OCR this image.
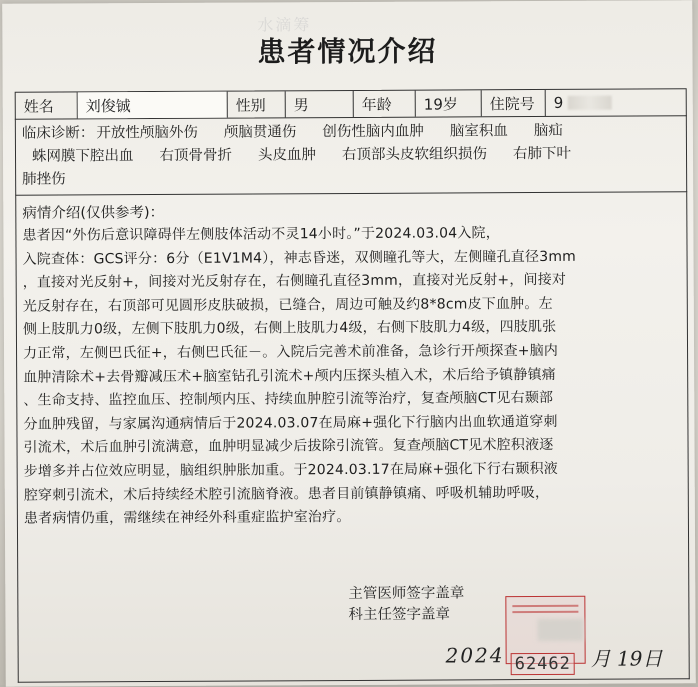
水滴筹
患者情况介绍
姓名	刘俊铖	性别	男	年龄	19岁	住院号	9
临床诊断： 开放性颅脑外伤 颅脑贯通伤 创伤性脑内血肿 脑室积血 脑疝
蛛网膜下腔出血 右顶骨骨折 头皮血肿 右顶部头皮软组织损伤 右肺下叶
肺挫伤
病情介绍(仅供参考)：

患者因“外伤后意识障碍伴左侧肢体活动不灵14小时。”于2024.03.04入院，

入院查体：GCS评分：6分（E1V1M4），神志昏迷，双侧瞳孔等大，左侧瞳孔直径3mm

，直接对光反射+，间接对光反射存在，右侧瞳孔直径3mm，直接对光反射+，间接对

光反射存在，右顶部可见圆形皮肤破损，已缝合，周边可触及约8*8cm皮下血肿。左

侧上肢肌力0级，左侧下肢肌力0级，右侧上肢肌力4级，右侧下肢肌力4级，四肢肌张

力正常，左侧巴氏征+，右侧巴氏征－。入院后完善术前准备，急诊行开颅探查+脑内

血肿清除术+去骨瓣减压术+脑室钻孔引流术+颅内压探头植入术，术后给予镇静镇痛

、生命支持、监控血压、控制颅内压、持续血肿腔引流等治疗，复查颅脑CT见右颞部

分血肿残留，与家属沟通病情后于2024.03.07在局麻+强化下行脑内出血软通道穿刺

引流术，术后血肿引流满意，血肿明显减少后拔除引流管。复查颅脑CT见术腔积液逐

步增多并占位效应明显，脑组织肿胀加重。于2024.03.17在局麻+强化下行右颞积液

腔穿刺引流术，术后持续经术腔引流脑脊液。患者目前镇静镇痛、呼吸机辅助呼吸，

患者病情仍重，需继续在神经外科重症监护室治疗。

主管医师签字盖章
科主任签字盖章
62462
2024	月 19日
